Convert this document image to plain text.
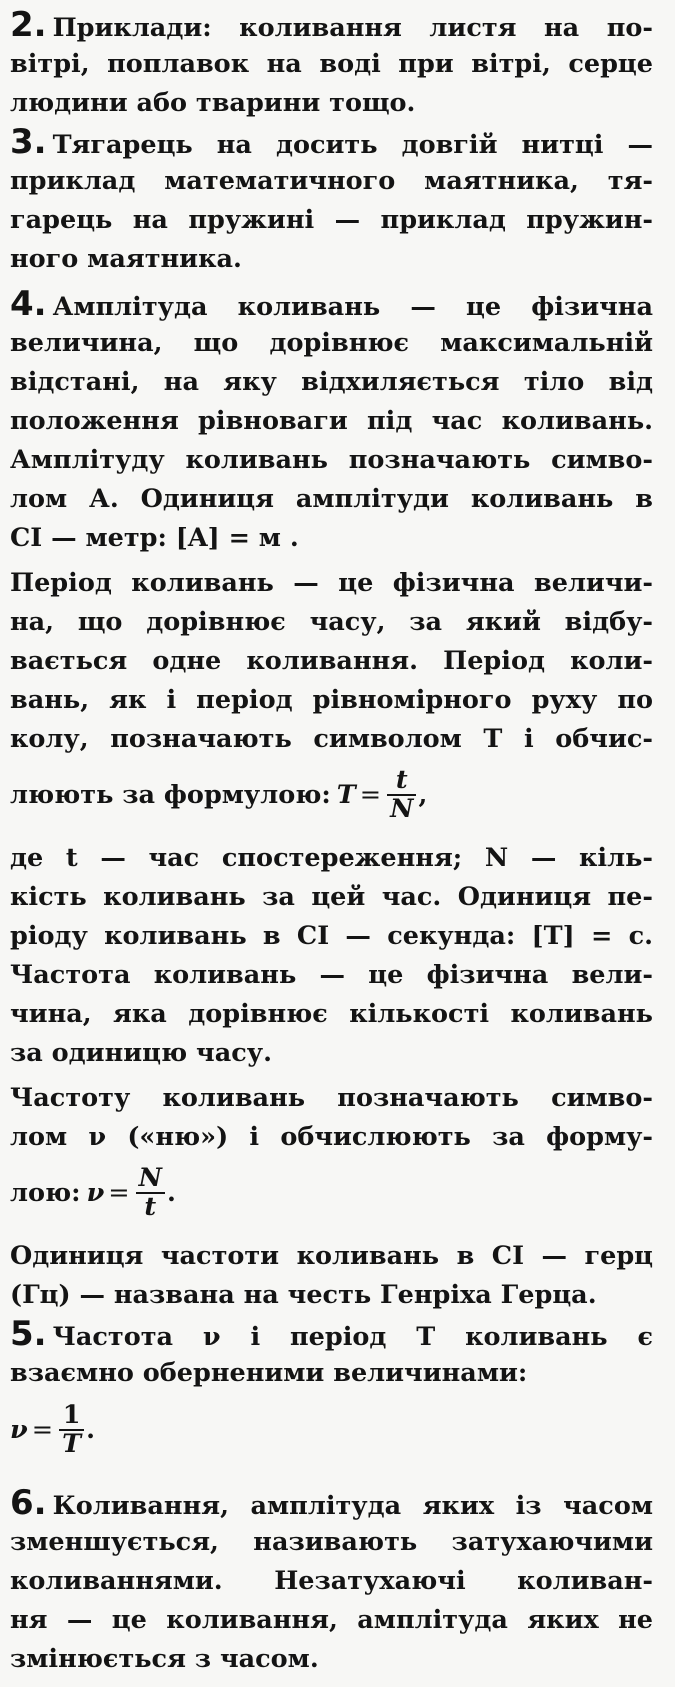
2. Приклади: коливання листя на по-
вітрі, поплавок на воді при вітрі, серце
людини або тварини тощо.
3. Тягарець на досить довгій нитці —
приклад математичного маятника, тя-
гарець на пружині — приклад пружин-
ного маятника.
4. Амплітуда коливань — це фізична
величина, що дорівнює максимальній
відстані, на яку відхиляється тіло від
положення рівноваги під час коливань.
Амплітуду коливань позначають симво-
лом А. Одиниця амплітуди коливань в
СІ — метр: [A] = м .
Період коливань — це фізична величи-
на, що дорівнює часу, за який відбу-
вається одне коливання. Період коли-
вань, як і період рівномірного руху по
колу, позначають символом T і обчис-
люють за формулою: $T = \frac{t}{N}$ ,
де t — час спостереження; N — кіль-
кість коливань за цей час. Одиниця пе-
ріоду коливань в СІ — секунда: [T] = с.
Частота коливань — це фізична вели-
чина, яка дорівнює кількості коливань
за одиницю часу.
Частоту коливань позначають симво-
лом ν («ню») і обчислюють за форму-
лою: $\nu = \frac{N}{t}$ .
Одиниця частоти коливань в СІ — герц
(Гц) — названа на честь Генріха Герца.
5. Частота ν і період T коливань є
взаємно оберненими величинами:
$\nu = \frac{1}{T}$ .
6. Коливання, амплітуда яких із часом
зменшується, називають затухаючими
коливаннями. Незатухаючі коливан-
ня — це коливання, амплітуда яких не
змінюється з часом.
